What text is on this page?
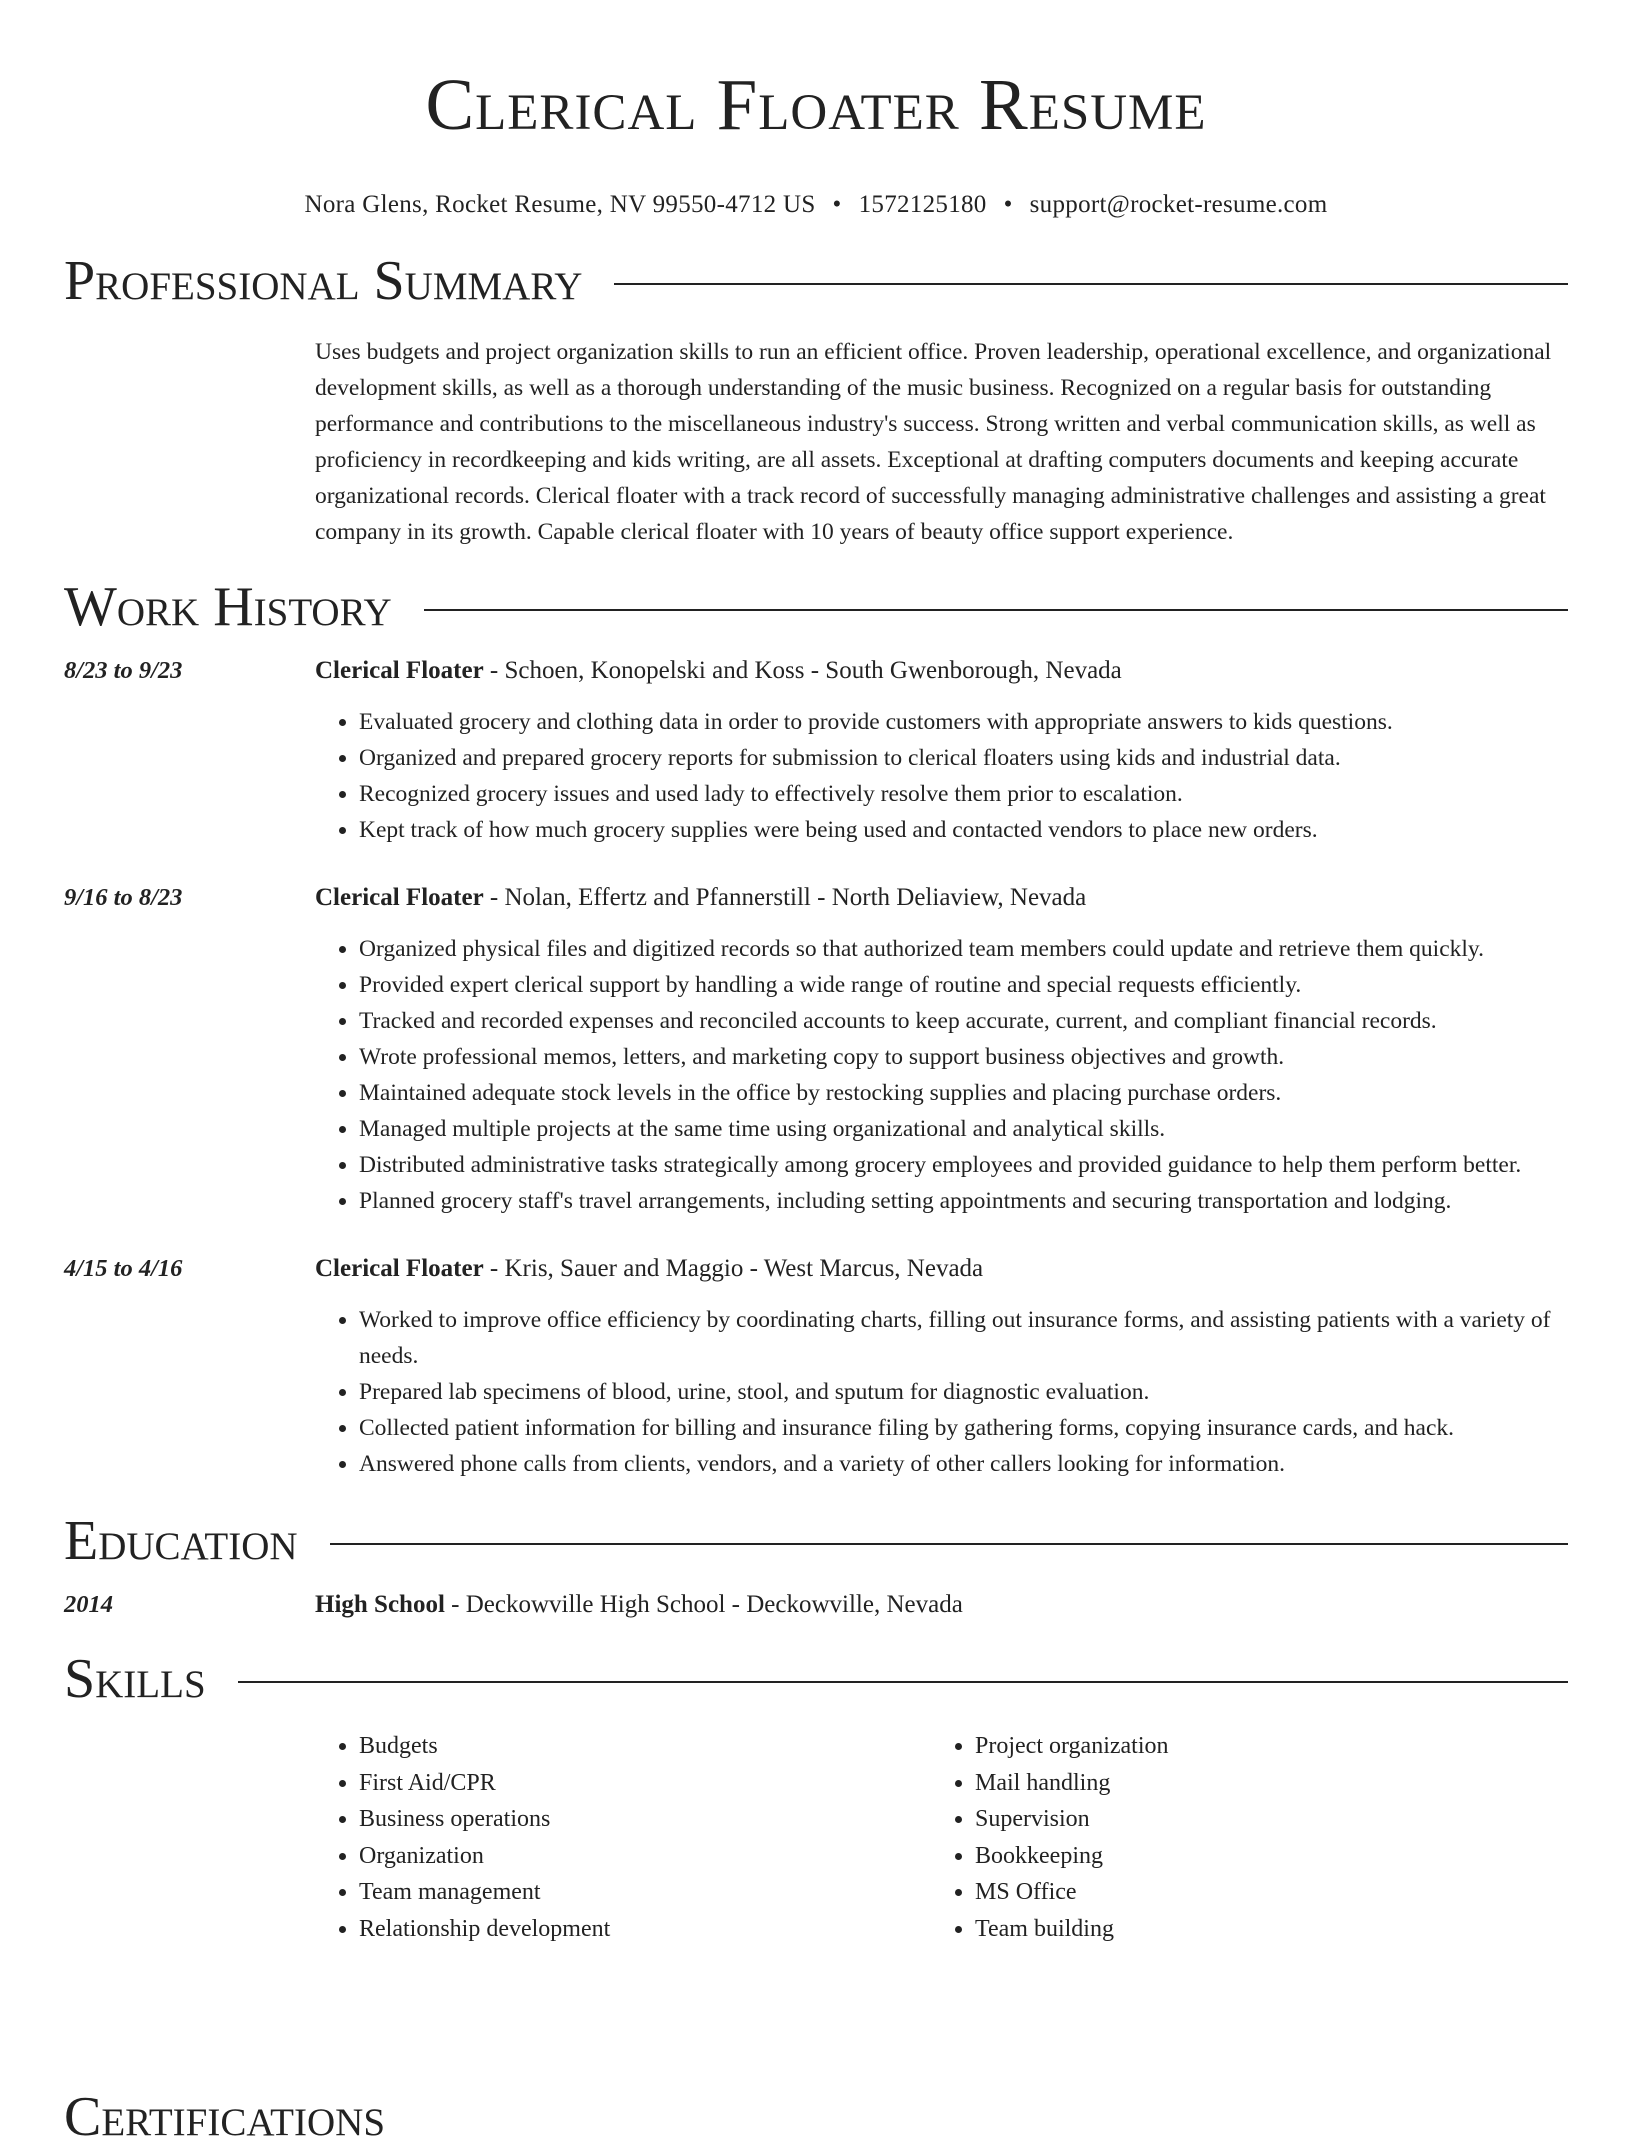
Clerical Floater Resume
Nora Glens, Rocket Resume, NV 99550-4712 US • 1572125180 • support@rocket-resume.com
Professional Summary
Uses budgets and project organization skills to run an efficient office. Proven leadership, operational excellence, and organizational development skills, as well as a thorough understanding of the music business. Recognized on a regular basis for outstanding performance and contributions to the miscellaneous industry's success. Strong written and verbal communication skills, as well as proficiency in recordkeeping and kids writing, are all assets. Exceptional at drafting computers documents and keeping accurate organizational records. Clerical floater with a track record of successfully managing administrative challenges and assisting a great company in its growth. Capable clerical floater with 10 years of beauty office support experience.
Work History
8/23 to 9/23	Clerical Floater - Schoen, Konopelski and Koss - South Gwenborough, Nevada
• Evaluated grocery and clothing data in order to provide customers with appropriate answers to kids questions.
• Organized and prepared grocery reports for submission to clerical floaters using kids and industrial data.
• Recognized grocery issues and used lady to effectively resolve them prior to escalation.
• Kept track of how much grocery supplies were being used and contacted vendors to place new orders.
9/16 to 8/23	Clerical Floater - Nolan, Effertz and Pfannerstill - North Deliaview, Nevada
• Organized physical files and digitized records so that authorized team members could update and retrieve them quickly.
• Provided expert clerical support by handling a wide range of routine and special requests efficiently.
• Tracked and recorded expenses and reconciled accounts to keep accurate, current, and compliant financial records.
• Wrote professional memos, letters, and marketing copy to support business objectives and growth.
• Maintained adequate stock levels in the office by restocking supplies and placing purchase orders.
• Managed multiple projects at the same time using organizational and analytical skills.
• Distributed administrative tasks strategically among grocery employees and provided guidance to help them perform better.
• Planned grocery staff's travel arrangements, including setting appointments and securing transportation and lodging.
4/15 to 4/16	Clerical Floater - Kris, Sauer and Maggio - West Marcus, Nevada
• Worked to improve office efficiency by coordinating charts, filling out insurance forms, and assisting patients with a variety of needs.
• Prepared lab specimens of blood, urine, stool, and sputum for diagnostic evaluation.
• Collected patient information for billing and insurance filing by gathering forms, copying insurance cards, and hack.
• Answered phone calls from clients, vendors, and a variety of other callers looking for information.
Education
2014	High School - Deckowville High School - Deckowville, Nevada
Skills
• Budgets
• First Aid/CPR
• Business operations
• Organization
• Team management
• Relationship development
• Project organization
• Mail handling
• Supervision
• Bookkeeping
• MS Office
• Team building
Certifications
